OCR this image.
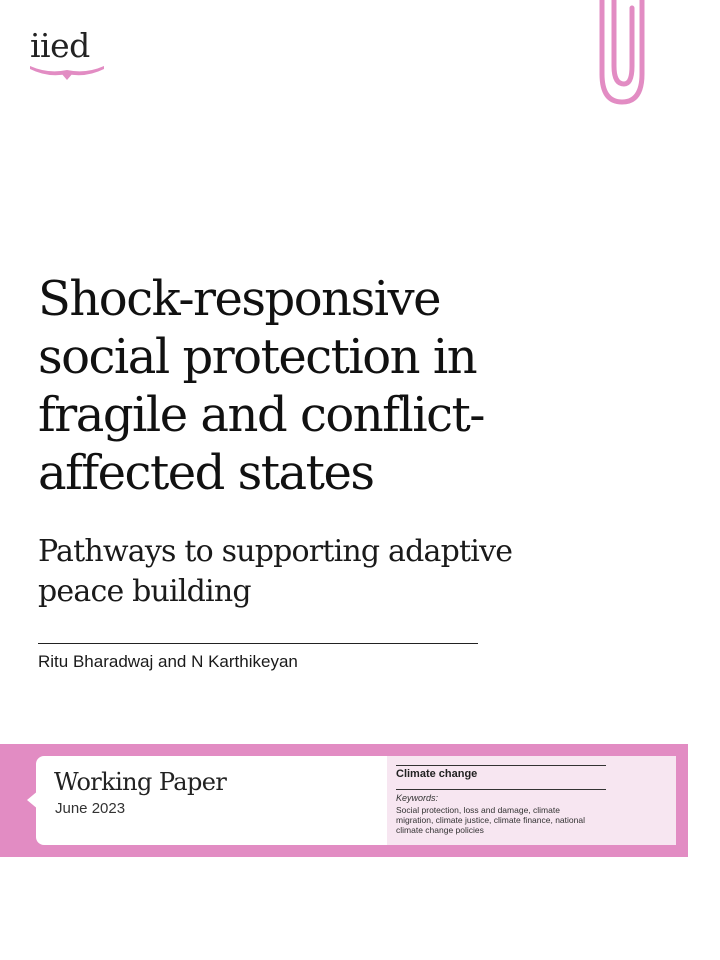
iied
Shock-responsive
social protection in
fragile and conflict-
affected states
Pathways to supporting adaptive
peace building
Ritu Bharadwaj and N Karthikeyan
Working Paper
June 2023
Climate change
Keywords:
Social protection, loss and damage, climate
migration, climate justice, climate finance, national
climate change policies
